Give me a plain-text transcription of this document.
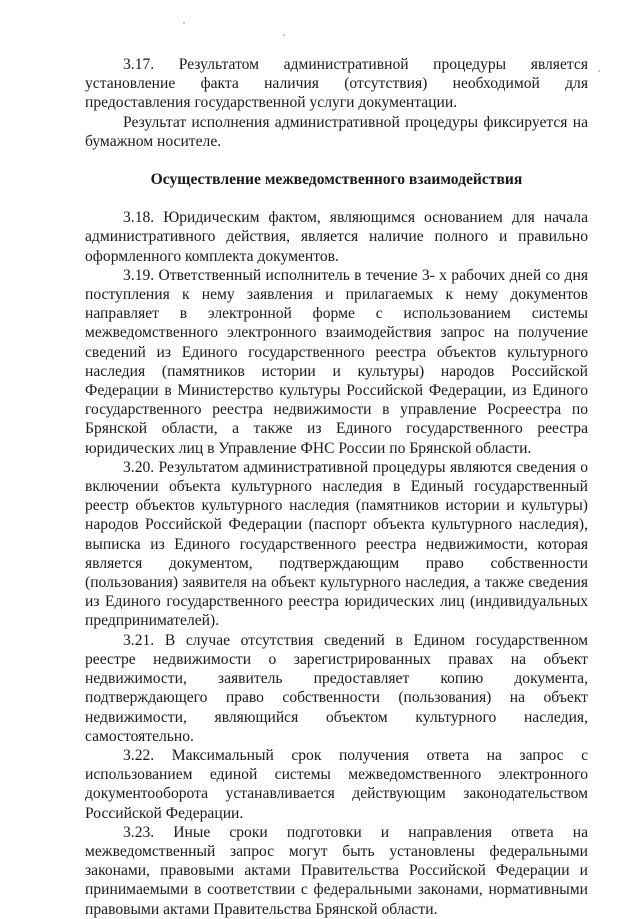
3.17. Результатом административной процедуры является установление факта наличия (отсутствия) необходимой для предоставления государственной услуги документации.

Результат исполнения административной процедуры фиксируется на бумажном носителе.

Осуществление межведомственного взаимодействия

3.18. Юридическим фактом, являющимся основанием для начала административного действия, является наличие полного и правильно оформленного комплекта документов.

3.19. Ответственный исполнитель в течение 3- х рабочих дней со дня поступления к нему заявления и прилагаемых к нему документов направляет в электронной форме с использованием системы межведомственного электронного взаимодействия запрос на получение сведений из Единого государственного реестра объектов культурного наследия (памятников истории и культуры) народов Российской Федерации в Министерство культуры Российской Федерации, из Единого государственного реестра недвижимости в управление Росреестра по Брянской области, а также из Единого государственного реестра юридических лиц в Управление ФНС России по Брянской области.

3.20. Результатом административной процедуры являются сведения о включении объекта культурного наследия в Единый государственный реестр объектов культурного наследия (памятников истории и культуры) народов Российской Федерации (паспорт объекта культурного наследия), выписка из Единого государственного реестра недвижимости, которая является документом, подтверждающим право собственности (пользования) заявителя на объект культурного наследия, а также сведения из Единого государственного реестра юридических лиц (индивидуальных предпринимателей).

3.21. В случае отсутствия сведений в Едином государственном реестре недвижимости о зарегистрированных правах на объект недвижимости, заявитель предоставляет копию документа, подтверждающего право собственности (пользования) на объект недвижимости, являющийся объектом культурного наследия, самостоятельно.

3.22. Максимальный срок получения ответа на запрос с использованием единой системы межведомственного электронного документооборота устанавливается действующим законодательством Российской Федерации.

3.23. Иные сроки подготовки и направления ответа на межведомственный запрос могут быть установлены федеральными законами, правовыми актами Правительства Российской Федерации и принимаемыми в соответствии с федеральными законами, нормативными правовыми актами Правительства Брянской области.
